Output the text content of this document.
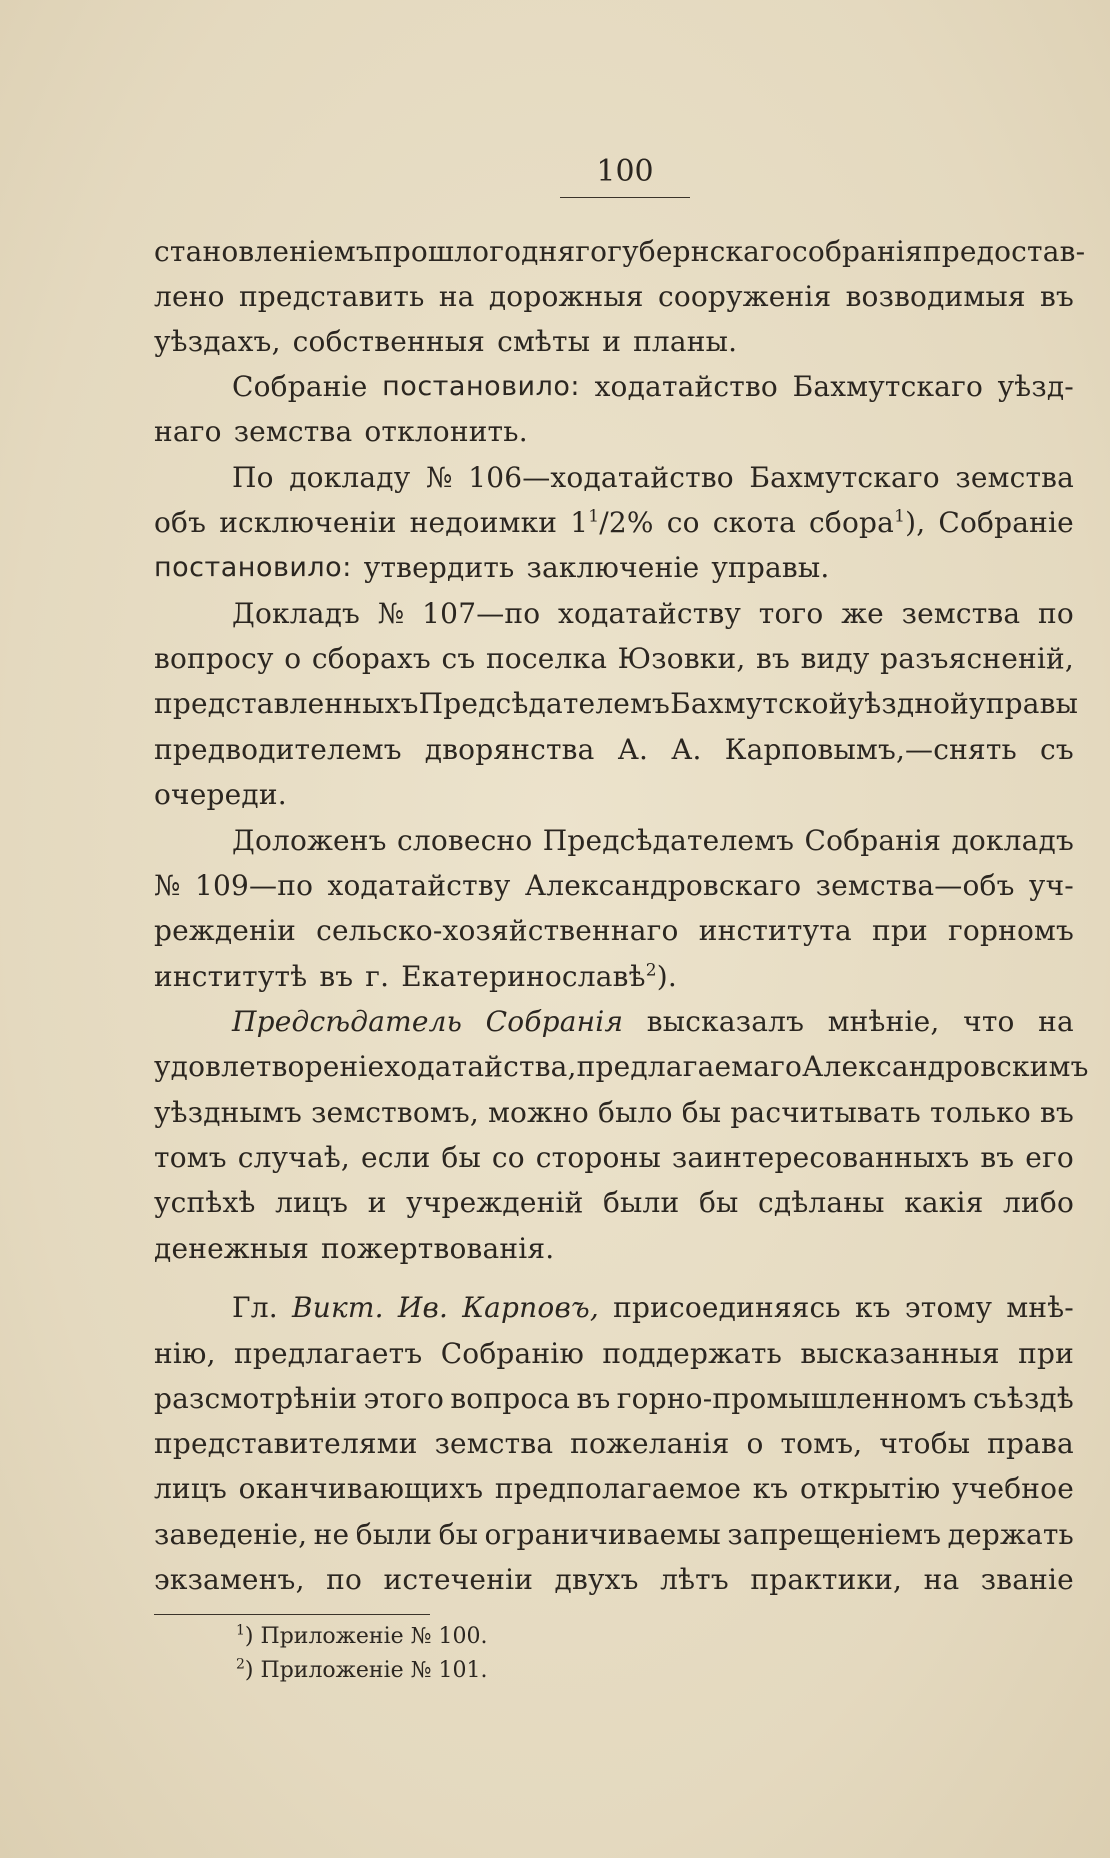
100
становленіемъ прошлогодняго губернскаго собранія предостав-
лено представить на дорожныя сооруженія возводимыя въ
уѣздахъ, собственныя смѣты и планы.
Собраніе постановило: ходатайство Бахмутскаго уѣзд-
наго земства отклонить.
По докладу № 106—ходатайство Бахмутскаго земства
объ исключеніи недоимки $1^1/2\%$ со скота сбора$^1$), Собраніе
постановило: утвердить заключеніе управы.
Докладъ № 107—по ходатайству того же земства по
вопросу о сборахъ съ поселка Юзовки, въ виду разъясненій,
представленныхъ Предсѣдателемъ Бахмутской уѣздной управы
предводителемъ дворянства А. А. Карповымъ,—снять съ
очереди.
Доложенъ словесно Предсѣдателемъ Собранія докладъ
№ 109—по ходатайству Александровскаго земства—объ уч-
режденіи сельско-хозяйственнаго института при горномъ
институтѣ въ г. Екатеринославѣ$^2$).
Предсѣдатель Собранія высказалъ мнѣніе, что на
удовлетвореніе ходатайства, предлагаемаго Александровскимъ
уѣзднымъ земствомъ, можно было бы расчитывать только въ
томъ случаѣ, если бы со стороны заинтересованныхъ въ его
успѣхѣ лицъ и учрежденій были бы сдѣланы какія либо
денежныя пожертвованія.
Гл. Викт. Ив. Карповъ, присоединяясь къ этому мнѣ-
нію, предлагаетъ Собранію поддержать высказанныя при
разсмотрѣніи этого вопроса въ горно-промышленномъ съѣздѣ
представителями земства пожеланія о томъ, чтобы права
лицъ оканчивающихъ предполагаемое къ открытію учебное
заведеніе, не были бы ограничиваемы запрещеніемъ держать
экзаменъ, по истеченіи двухъ лѣтъ практики, на званіе
$^1$) Приложеніе № 100.
$^2$) Приложеніе № 101.
